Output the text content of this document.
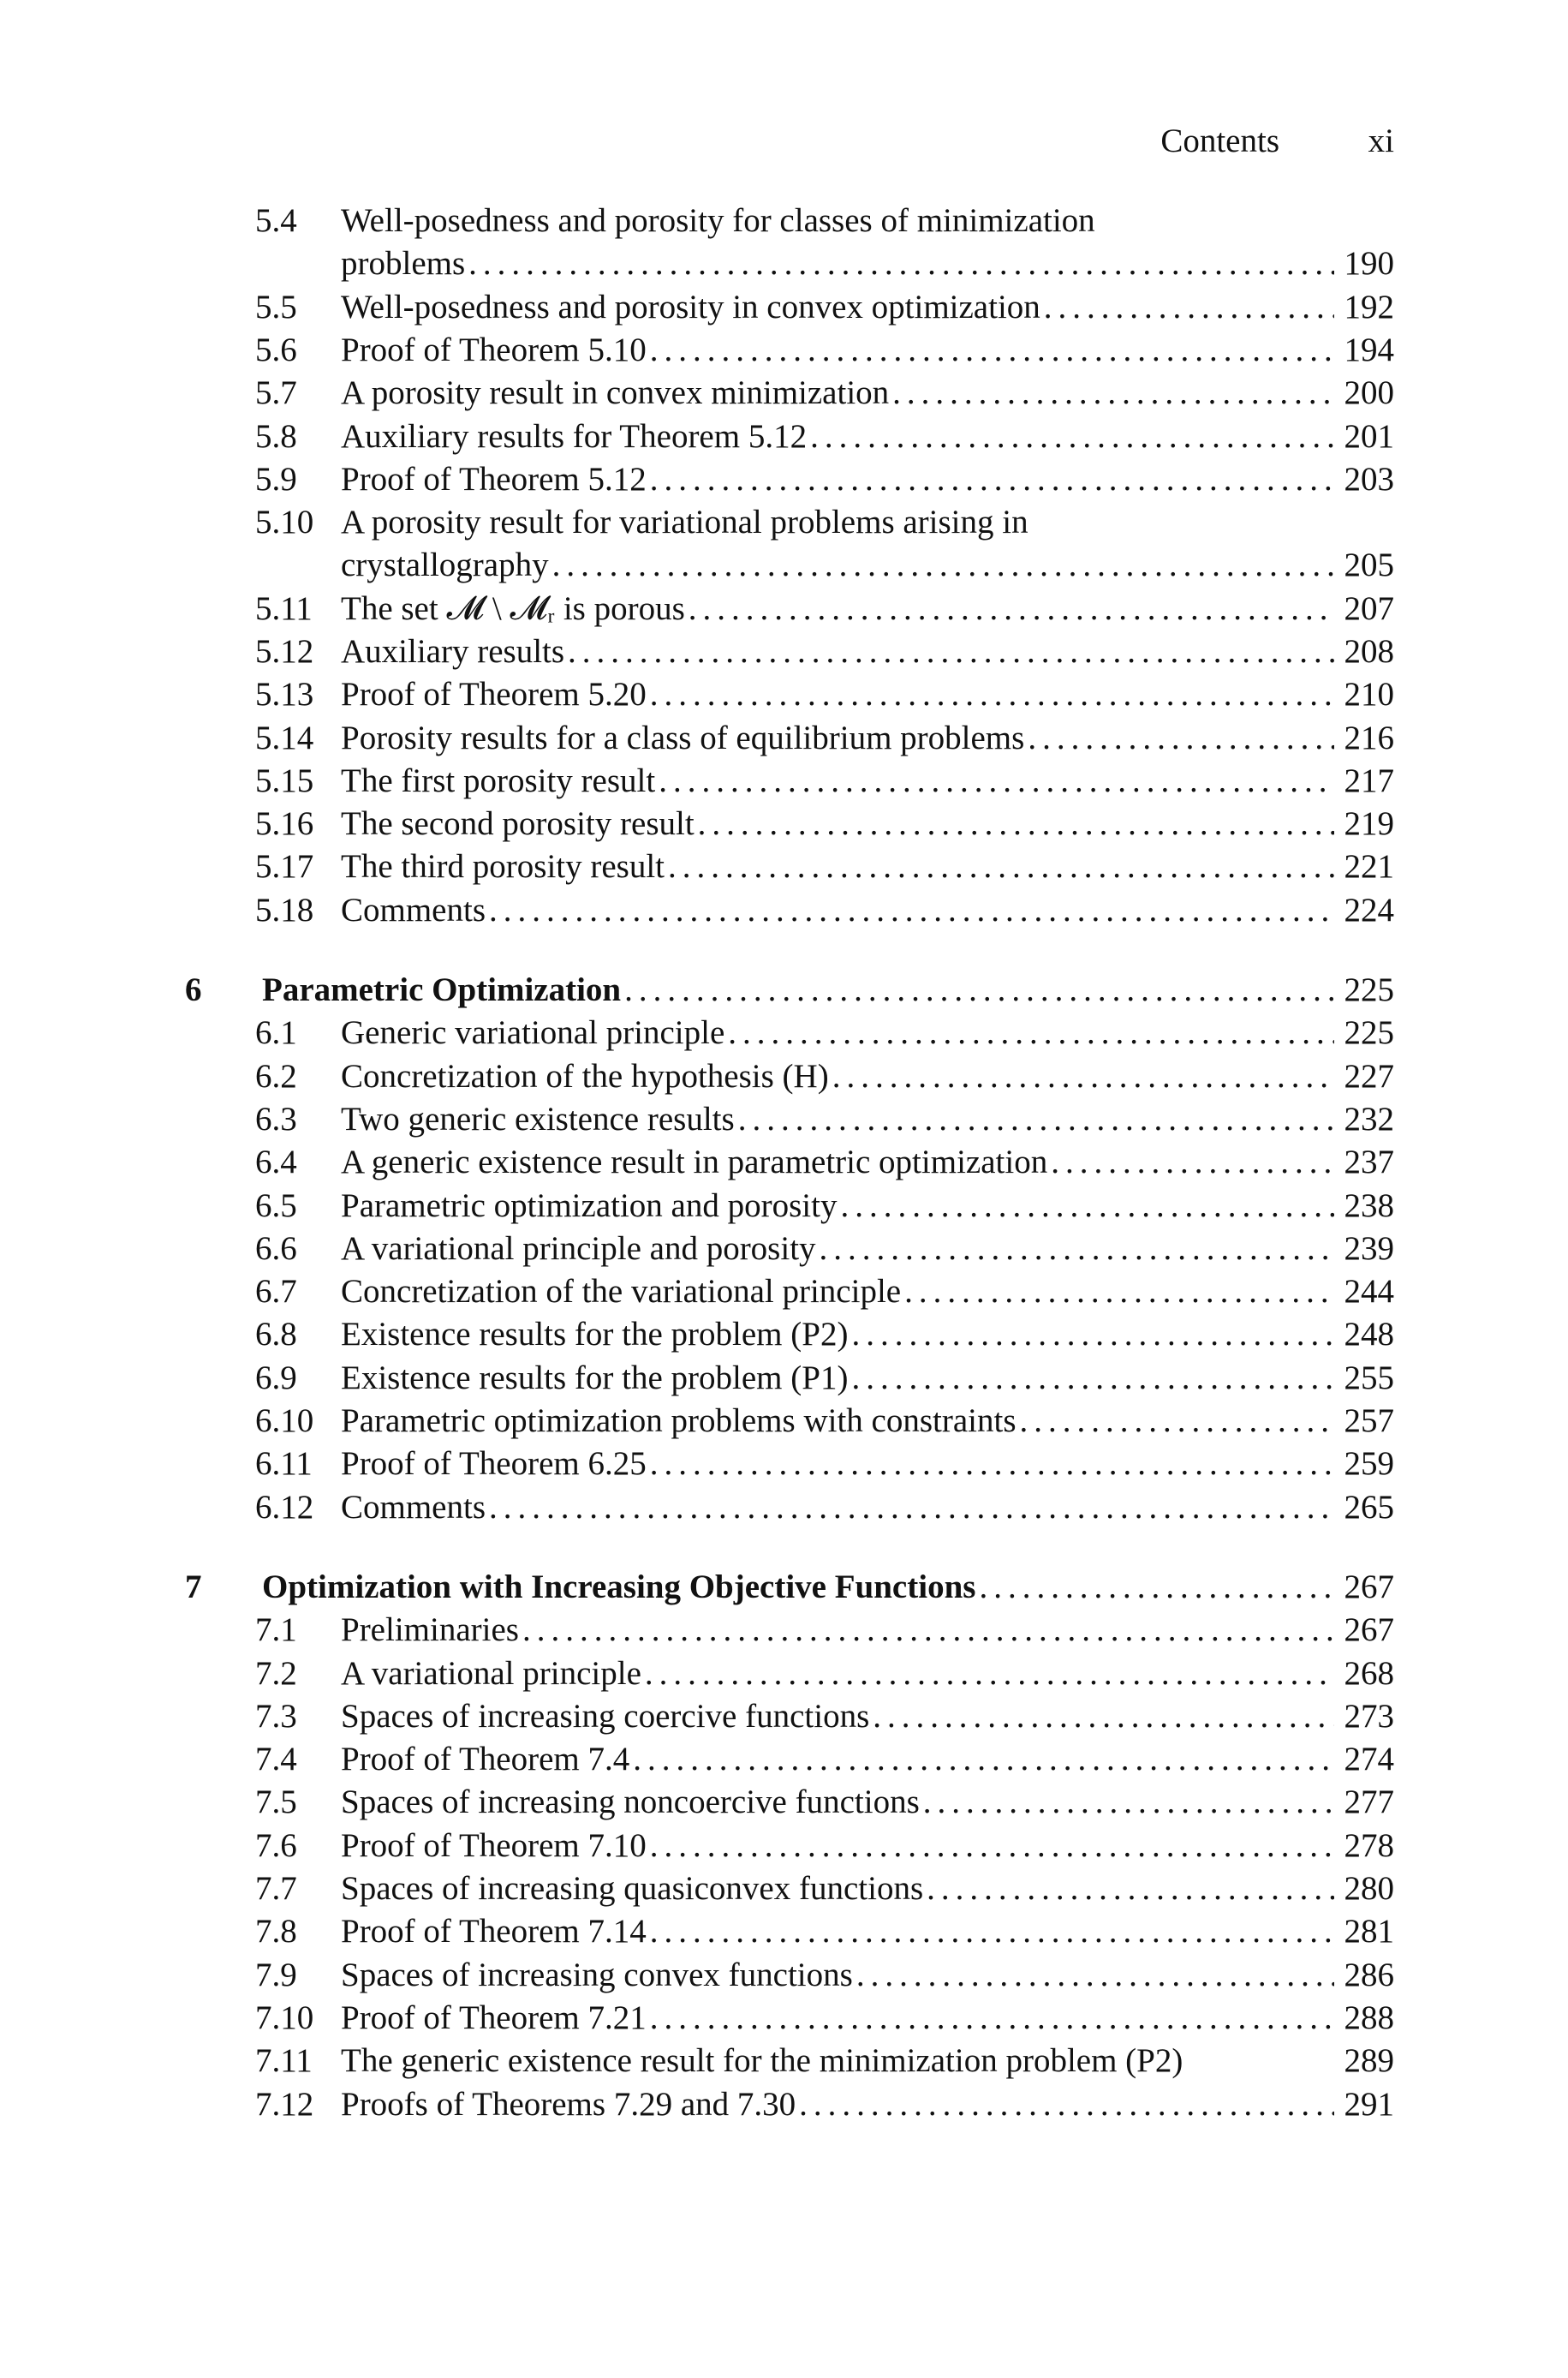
Contents	xi
5.4 Well-posedness and porosity for classes of minimization
problems .....	190
5.5 Well-posedness and porosity in convex optimization .....	192
5.6 Proof of Theorem 5.10 .....	194
5.7 A porosity result in convex minimization .....	200
5.8 Auxiliary results for Theorem 5.12 .....	201
5.9 Proof of Theorem 5.12 .....	203
5.10 A porosity result for variational problems arising in
crystallography .....	205
5.11 The set 𝓜 \ 𝓜ᵣ is porous .....	207
5.12 Auxiliary results .....	208
5.13 Proof of Theorem 5.20 .....	210
5.14 Porosity results for a class of equilibrium problems .....	216
5.15 The first porosity result .....	217
5.16 The second porosity result .....	219
5.17 The third porosity result .....	221
5.18 Comments .....	224
6 Parametric Optimization .....	225
6.1 Generic variational principle .....	225
6.2 Concretization of the hypothesis (H) .....	227
6.3 Two generic existence results .....	232
6.4 A generic existence result in parametric optimization .....	237
6.5 Parametric optimization and porosity .....	238
6.6 A variational principle and porosity .....	239
6.7 Concretization of the variational principle .....	244
6.8 Existence results for the problem (P2) .....	248
6.9 Existence results for the problem (P1) .....	255
6.10 Parametric optimization problems with constraints .....	257
6.11 Proof of Theorem 6.25 .....	259
6.12 Comments .....	265
7 Optimization with Increasing Objective Functions .....	267
7.1 Preliminaries .....	267
7.2 A variational principle .....	268
7.3 Spaces of increasing coercive functions .....	273
7.4 Proof of Theorem 7.4 .....	274
7.5 Spaces of increasing noncoercive functions .....	277
7.6 Proof of Theorem 7.10 .....	278
7.7 Spaces of increasing quasiconvex functions .....	280
7.8 Proof of Theorem 7.14 .....	281
7.9 Spaces of increasing convex functions .....	286
7.10 Proof of Theorem 7.21 .....	288
7.11 The generic existence result for the minimization problem (P2)	289
7.12 Proofs of Theorems 7.29 and 7.30 .....	291
